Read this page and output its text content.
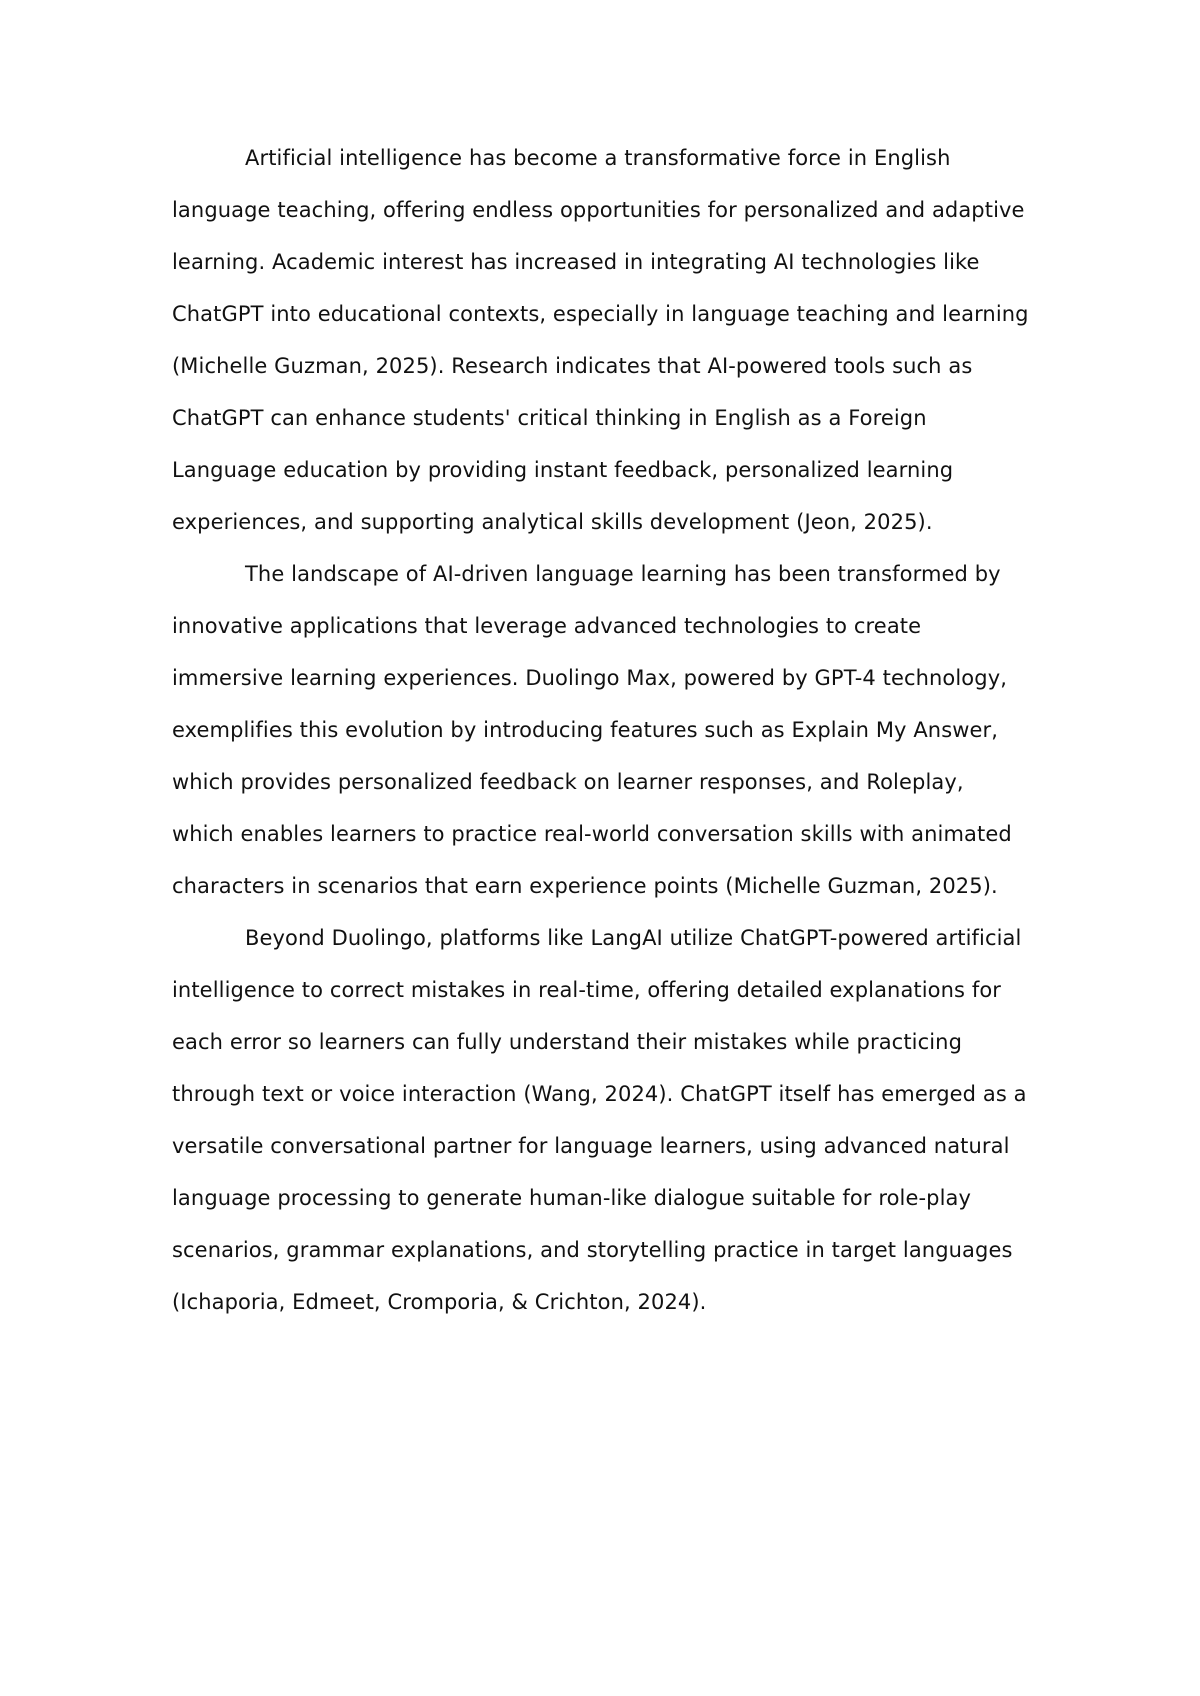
Artificial intelligence has become a transformative force in English language teaching, offering endless opportunities for personalized and adaptive learning. Academic interest has increased in integrating AI technologies like ChatGPT into educational contexts, especially in language teaching and learning (Michelle Guzman, 2025). Research indicates that AI-powered tools such as ChatGPT can enhance students' critical thinking in English as a Foreign Language education by providing instant feedback, personalized learning experiences, and supporting analytical skills development (Jeon, 2025).

The landscape of AI-driven language learning has been transformed by innovative applications that leverage advanced technologies to create immersive learning experiences. Duolingo Max, powered by GPT-4 technology, exemplifies this evolution by introducing features such as Explain My Answer, which provides personalized feedback on learner responses, and Roleplay, which enables learners to practice real-world conversation skills with animated characters in scenarios that earn experience points (Michelle Guzman, 2025).

Beyond Duolingo, platforms like LangAI utilize ChatGPT-powered artificial intelligence to correct mistakes in real-time, offering detailed explanations for each error so learners can fully understand their mistakes while practicing through text or voice interaction (Wang, 2024). ChatGPT itself has emerged as a versatile conversational partner for language learners, using advanced natural language processing to generate human-like dialogue suitable for role-play scenarios, grammar explanations, and storytelling practice in target languages (Ichaporia, Edmeet, Cromporia, & Crichton, 2024).
